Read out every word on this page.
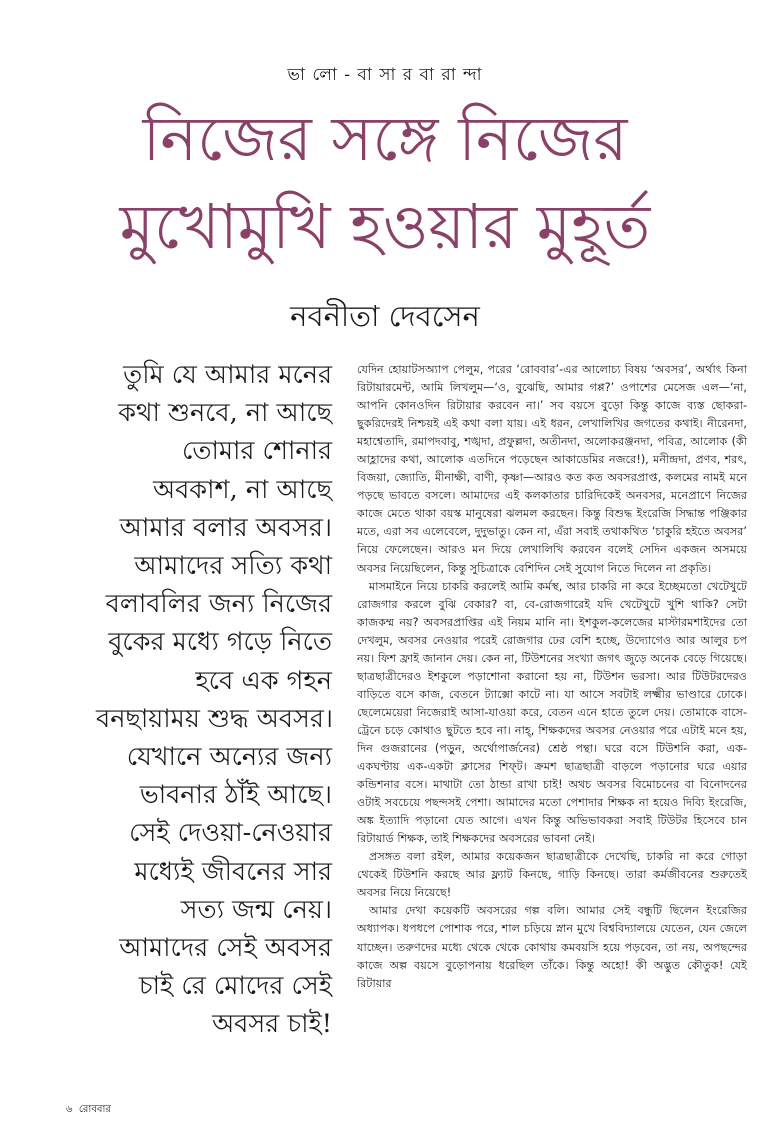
ভা লো - বা সা র বা রা ন্দা
নিজের সঙ্গে নিজের
মুখোমুখি হওয়ার মুহূর্ত
নবনীতা দেবসেন
তুমি যে আমার মনের
কথা শুনবে, না আছে
তোমার শোনার
অবকাশ, না আছে
আমার বলার অবসর।
আমাদের সত্যি কথা
বলাবলির জন্য নিজের
বুকের মধ্যে গড়ে নিতে
হবে এক গহন
বনছায়াময় শুদ্ধ অবসর।
যেখানে অন্যের জন্য
ভাবনার ঠাঁই আছে।
সেই দেওয়া-নেওয়ার
মধ্যেই জীবনের সার
সত্য জন্ম নেয়।
আমাদের সেই অবসর
চাই রে মোদের সেই
অবসর চাই!

যেদিন হোয়াটসঅ্যাপ পেলুম, পরের ‘রোববার’-এর আলোচ্য বিষয় ‘অবসর’, অর্থাৎ কিনা রিটায়ারমেন্ট, আমি লিখলুম—‘ও, বুঝেছি, আমার গপ্প?’ ওপাশের মেসেজ এল—‘না, আপনি কোনওদিন রিটায়ার করবেন না।’ সব বয়সে বুড়ো কিন্তু কাজে ব্যস্ত ছোকরা-ছুকরিদেরই নিশ্চয়ই এই কথা বলা যায়। এই ধরন, লেখালিখির জগতের কথাই। নীরেনদা, মহাশ্বেতাদি, রমাপদবাবু, শঙ্খদা, প্রফুল্লদা, অতীনদা, অলোকরঞ্জনদা, পবিত্র, আলোক (কী আহ্লাদের কথা, আলোক এতদিনে পড়েছেন আকাডেমির নজরে!), মনীন্দ্রদা, প্রণব, শরৎ, বিজয়া, জ্যোতি, মীনাক্ষী, বাণী, কৃষ্ণা—আরও কত কত অবসরপ্রাপ্ত, কলমের নামই মনে পড়ছে ভাবতে বসলে। আমাদের এই কলকাতার চারিদিকেই অনবসর, মনেপ্রাণে নিজের কাজে মেতে থাকা বয়স্ক মানুষেরা ঝলমল করছেন। কিন্তু বিশুদ্ধ ইংরেজি সিদ্ধান্ত পঞ্জিকার মতে, এরা সব এলেবেলে, দুদুভাতু। কেন না, এঁরা সবাই তথাকথিত ‘চাকুরি হইতে অবসর’ নিয়ে ফেলেছেন। আরও মন দিয়ে লেখালিখি করবেন বলেই সেদিন একজন অসময়ে অবসর নিয়েছিলেন, কিন্তু সুচিত্রাকে বেশিদিন সেই সুযোগ নিতে দিলেন না প্রকৃতি।

মাসমাইনে নিয়ে চাকরি করলেই আমি কর্মস্থ, আর চাকরি না করে ইচ্ছেমতো খেটেখুটে রোজগার করলে বুঝি বেকার? বা, বে-রোজগারেই যদি খেটেখুটে খুশি থাকি? সেটা কাজকম্ম নয়? অবসরপ্রাপ্তির এই নিয়ম মানি না। ইশকুল-কলেজের মাস্টারমশাইদের তো দেখলুম, অবসর নেওয়ার পরেই রোজগার ঢের বেশি হচ্ছে, উদ্যোগেও আর আলুর চপ নয়। ফিশ ফ্রাই জানান দেয়। কেন না, টিউশনের সংখ্যা জগৎ জুড়ে অনেক বেড়ে গিয়েছে। ছাত্রছাত্রীদেরও ইশকুলে পড়াশোনা করানো হয় না, টিউশন ভরসা। আর টিউটরদেরও বাড়িতে বসে কাজ, বেতনে ট্যাক্সো কাটে না। যা আসে সবটাই লক্ষ্মীর ভাণ্ডারে ঢোকে। ছেলেমেয়েরা নিজেরাই আসা-যাওয়া করে, বেতন এনে হাতে তুলে দেয়। তোমাকে বাসে-ট্রেনে চড়ে কোথাও ছুটতে হবে না। নাহ্‌, শিক্ষকদের অবসর নেওয়ার পরে এটাই মনে হয়, দিন গুজরানের (পড়ুন, অর্থোপার্জনের) শ্রেষ্ঠ পন্থা। ঘরে বসে টিউশনি করা, এক-একঘণ্টায় এক-একটা ক্লাসের শিফ্‌ট। ক্রমশ ছাত্রছাত্রী বাড়লে পড়ানোর ঘরে এয়ার কন্ডিশনার বসে। মাথাটা তো ঠান্ডা রাখা চাই! অথচ অবসর বিমোচনের বা বিনোদনের ওটাই সবচেয়ে পছন্দসই পেশা। আমাদের মতো পেশাদার শিক্ষক না হয়েও দিব্যি ইংরেজি, অঙ্ক ইত্যাদি পড়ানো যেত আগে। এখন কিন্তু অভিভাবকরা সবাই টিউটর হিসেবে চান রিটায়ার্ড শিক্ষক, তাই শিক্ষকদের অবসরের ভাবনা নেই।

প্রসঙ্গত বলা রইল, আমার কয়েকজন ছাত্রছাত্রীকে দেখেছি, চাকরি না করে গোড়া থেকেই টিউশনি করছে আর ফ্ল্যাট কিনছে, গাড়ি কিনছে। তারা কর্মজীবনের শুরুতেই অবসর নিয়ে নিয়েছে!

আমার দেখা কয়েকটি অবসরের গল্প বলি। আমার সেই বন্ধুটি ছিলেন ইংরেজির অধ্যাপক। ধপধপে পোশাক পরে, শাল চড়িয়ে স্নান মুখে বিশ্ববিদ্যালয়ে যেতেন, যেন জেলে যাচ্ছেন। তরুণদের মধ্যে থেকে থেকে কোথায় কমবয়সি হয়ে পড়বেন, তা নয়, অপছন্দের কাজে অল্প বয়সে বুড়োপনায় ধরেছিল তাঁকে। কিন্তু অহো! কী অদ্ভুত কৌতুক! যেই রিটায়ার

৬ রোববার
